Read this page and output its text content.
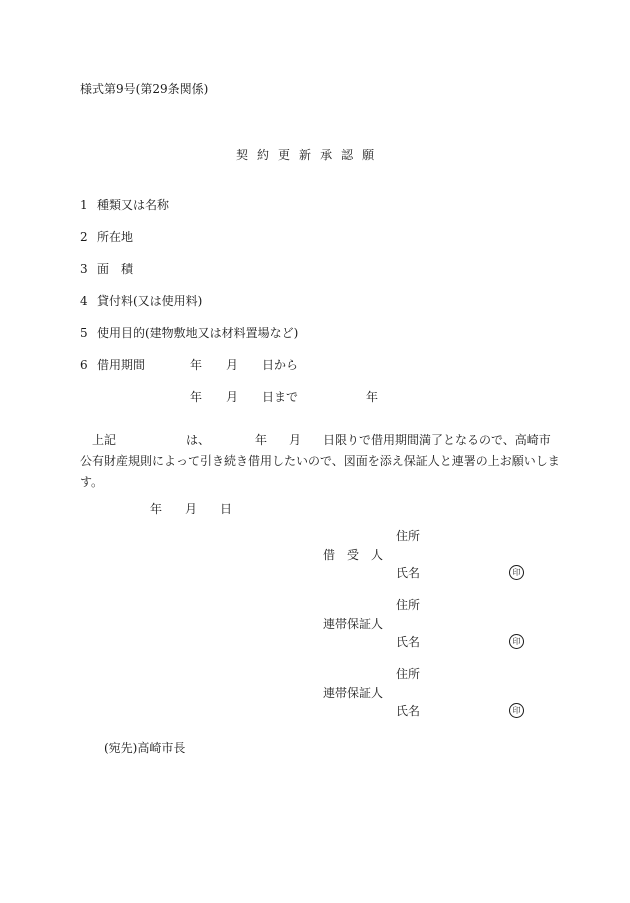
様式第9号(第29条関係)
契 約 更 新 承 認 願
1 種類又は名称
2 所在地
3 面　積
4 貸付料(又は使用料)
5 使用目的(建物敷地又は材料置場など)
6 借用期間	年 月 日から
年 月 日まで	年
上記	は、	年 月 日限りで借用期間満了となるので、高崎市
公有財産規則によって引き続き借用したいので、図面を添え保証人と連署の上お願いしま
す。
年 月 日
住所
借　受　人
氏名	印
住所
連帯保証人
氏名	印
住所
連帯保証人
氏名	印
(宛先)高崎市長
